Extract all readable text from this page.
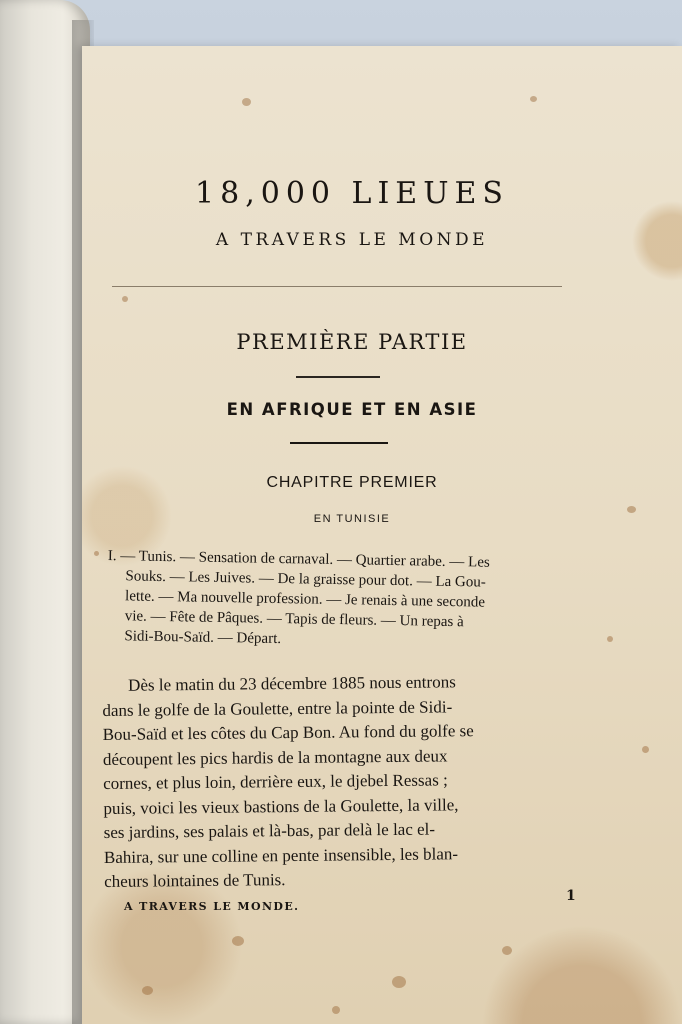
18,000 LIEUES
A TRAVERS LE MONDE
PREMIÈRE PARTIE
EN AFRIQUE ET EN ASIE
CHAPITRE PREMIER
EN TUNISIE
I. — Tunis. — Sensation de carnaval. — Quartier arabe. — Les
Souks. — Les Juives. — De la graisse pour dot. — La Gou-
lette. — Ma nouvelle profession. — Je renais à une seconde
vie. — Fête de Pâques. — Tapis de fleurs. — Un repas à
Sidi-Bou-Saïd. — Départ.
Dès le matin du 23 décembre 1885 nous entrons
dans le golfe de la Goulette, entre la pointe de Sidi-
Bou-Saïd et les côtes du Cap Bon. Au fond du golfe se
découpent les pics hardis de la montagne aux deux
cornes, et plus loin, derrière eux, le djebel Ressas ;
puis, voici les vieux bastions de la Goulette, la ville,
ses jardins, ses palais et là-bas, par delà le lac el-
Bahira, sur une colline en pente insensible, les blan-
cheurs lointaines de Tunis.
A TRAVERS LE MONDE.
1
